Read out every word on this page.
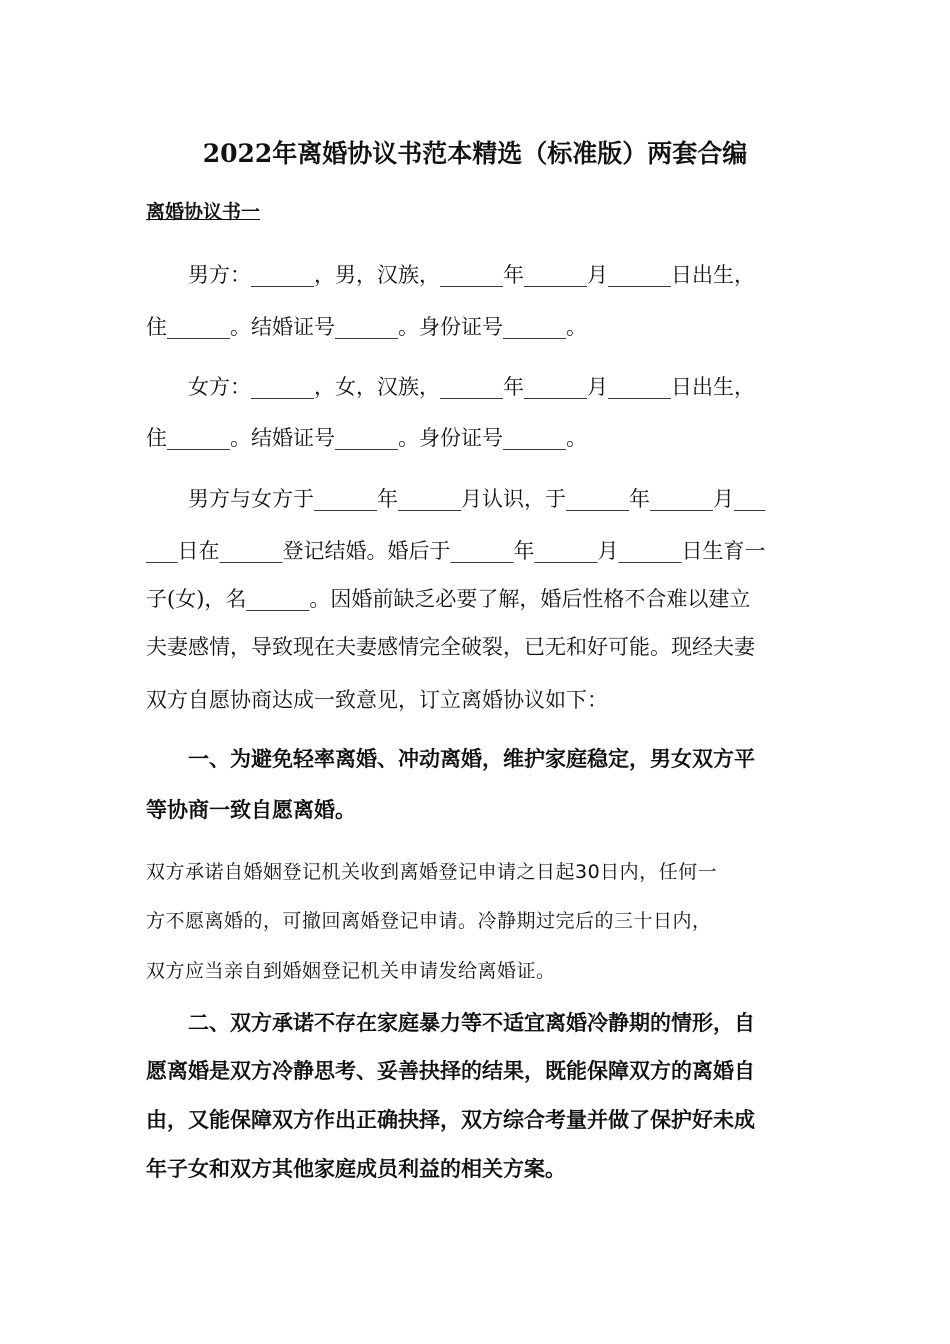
2022年离婚协议书范本精选（标准版）两套合编
离婚协议书一
男方：______，男，汉族，______年______月______日出生，
住______。结婚证号______。身份证号______。
女方：______，女，汉族，______年______月______日出生，
住______。结婚证号______。身份证号______。
男方与女方于______年______月认识，于______年______月___
___日在______登记结婚。婚后于______年______月______日生育一
子(女)，名______。因婚前缺乏必要了解，婚后性格不合难以建立
夫妻感情，导致现在夫妻感情完全破裂，已无和好可能。现经夫妻
双方自愿协商达成一致意见，订立离婚协议如下：
一、为避免轻率离婚、冲动离婚，维护家庭稳定，男女双方平
等协商一致自愿离婚。
双方承诺自婚姻登记机关收到离婚登记申请之日起30日内，任何一
方不愿离婚的，可撤回离婚登记申请。冷静期过完后的三十日内，
双方应当亲自到婚姻登记机关申请发给离婚证。
二、双方承诺不存在家庭暴力等不适宜离婚冷静期的情形，自
愿离婚是双方冷静思考、妥善抉择的结果，既能保障双方的离婚自
由，又能保障双方作出正确抉择，双方综合考量并做了保护好未成
年子女和双方其他家庭成员利益的相关方案。
